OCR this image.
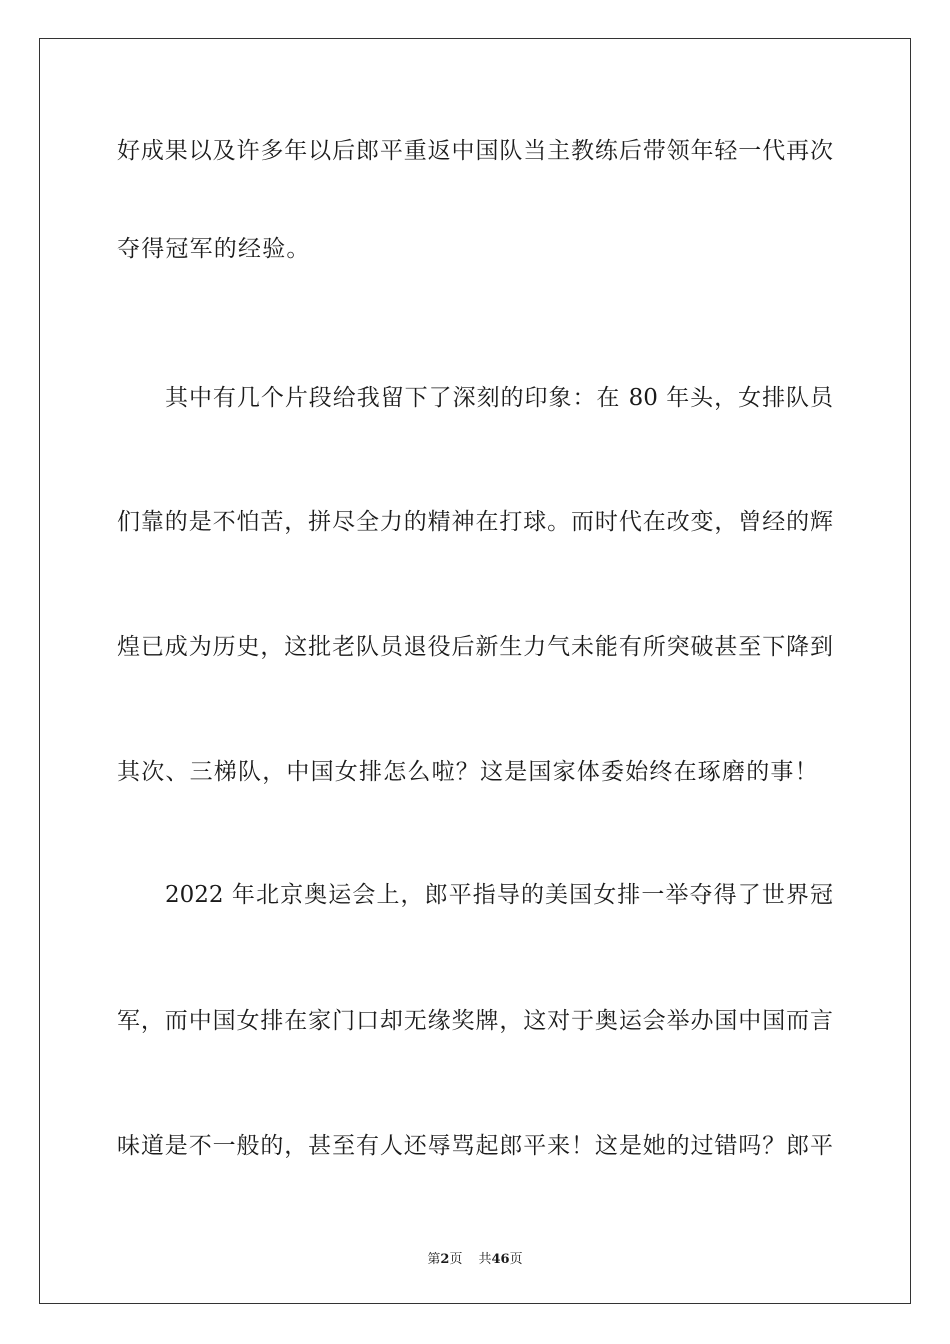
好成果以及许多年以后郎平重返中国队当主教练后带领年轻一代再次
夺得冠军的经验。
其中有几个片段给我留下了深刻的印象：在 80 年头，女排队员
们靠的是不怕苦，拼尽全力的精神在打球。而时代在改变，曾经的辉
煌已成为历史，这批老队员退役后新生力气未能有所突破甚至下降到
其次、三梯队，中国女排怎么啦？这是国家体委始终在琢磨的事！
2022 年北京奥运会上，郎平指导的美国女排一举夺得了世界冠
军，而中国女排在家门口却无缘奖牌，这对于奥运会举办国中国而言
味道是不一般的，甚至有人还辱骂起郎平来！这是她的过错吗？郎平
第2页 共46页
